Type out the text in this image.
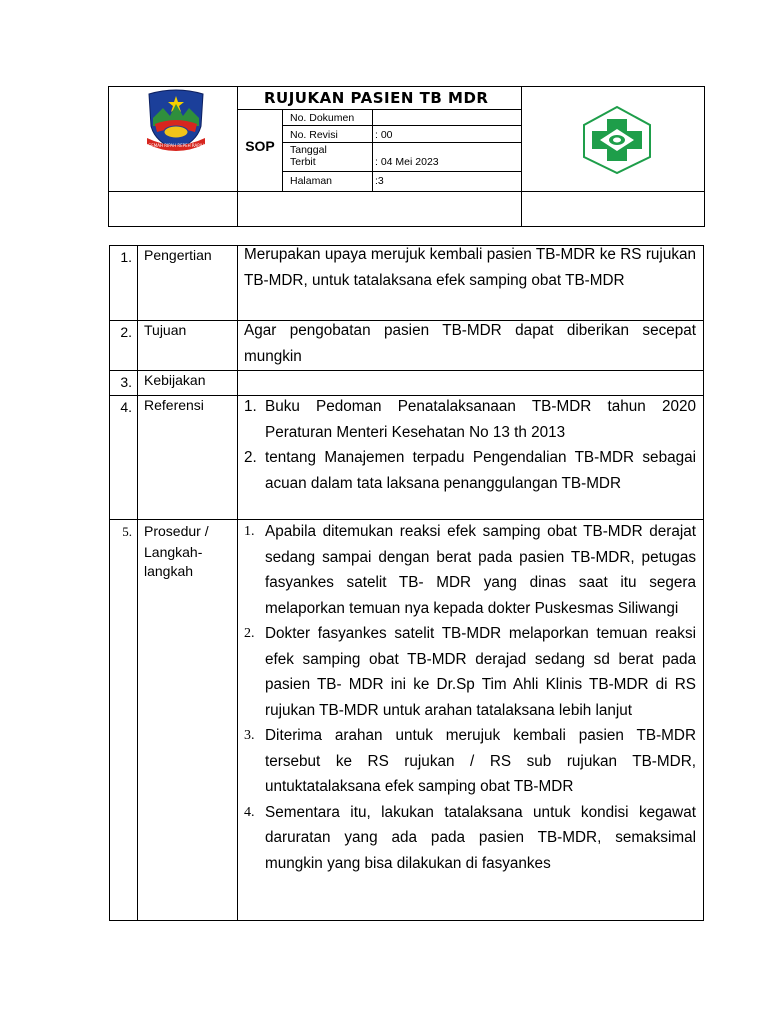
RUJUKAN PASIEN TB MDR
SOP
No. Dokumen
No. Revisi	: 00
Tanggal
Terbit	: 04 Mei 2023
Halaman	:3
GEMAH RIPAH REPEH RAPIH
1. Pengertian Merupakan upaya merujuk kembali pasien TB-MDR ke RS rujukan TB-MDR, untuk tatalaksana efek samping obat TB-MDR
2. Tujuan	Agar pengobatan pasien TB-MDR dapat diberikan secepat mungkin
3. Kebijakan
4. Referensi	1. Buku Pedoman Penatalaksanaan TB-MDR tahun 2020 Peraturan Menteri Kesehatan No 13 th 2013
2. tentang Manajemen terpadu Pengendalian TB-MDR sebagai acuan dalam tata laksana penanggulangan TB-MDR
5. Prosedur /
Langkah-
langkah
1. Apabila ditemukan reaksi efek samping obat TB-MDR derajat sedang sampai dengan berat pada pasien TB-MDR, petugas fasyankes satelit TB- MDR yang dinas saat itu segera melaporkan temuan nya kepada dokter Puskesmas Siliwangi
2. Dokter fasyankes satelit TB-MDR melaporkan temuan reaksi efek samping obat TB-MDR derajad sedang sd berat pada pasien TB- MDR ini ke Dr.Sp Tim Ahli Klinis TB-MDR di RS rujukan TB-MDR untuk arahan tatalaksana lebih lanjut
3. Diterima arahan untuk merujuk kembali pasien TB-MDR tersebut ke RS rujukan / RS sub rujukan TB-MDR, untuktatalaksana efek samping obat TB-MDR
4. Sementara itu, lakukan tatalaksana untuk kondisi kegawat daruratan yang ada pada pasien TB-MDR, semaksimal mungkin yang bisa dilakukan di fasyankes
